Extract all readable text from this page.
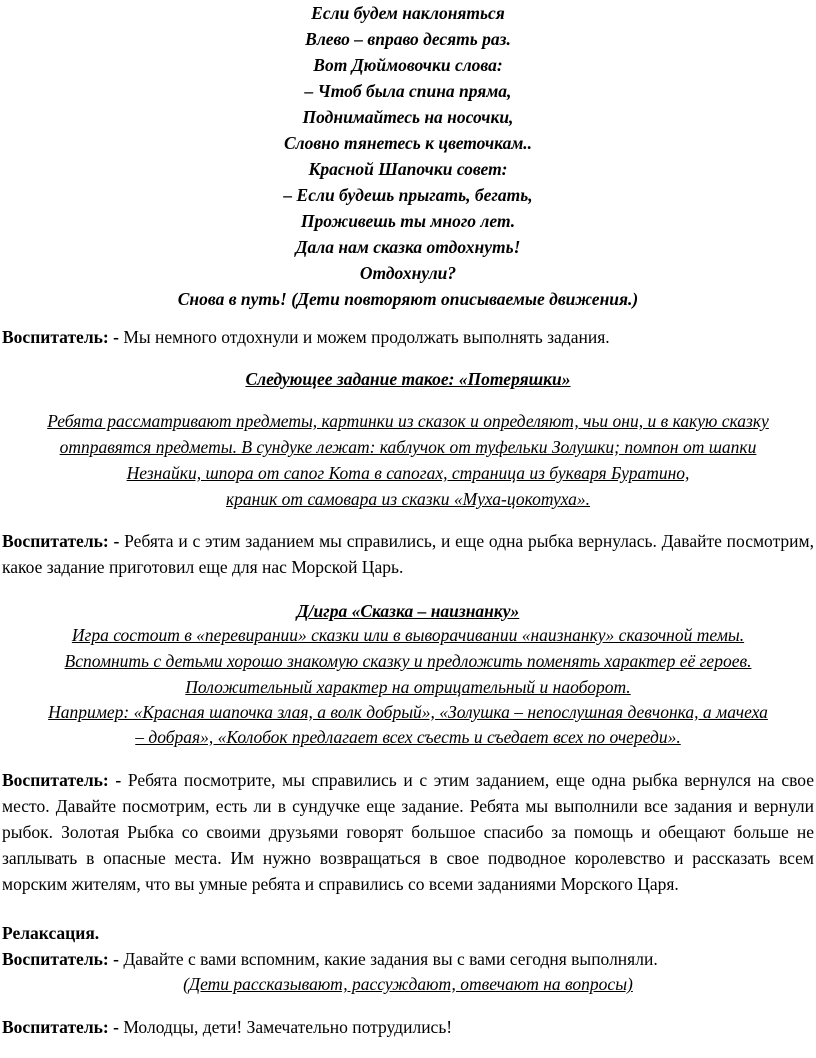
Если будем наклоняться
Влево – вправо десять раз.
Вот Дюймовочки слова:
– Чтоб была спина пряма,
Поднимайтесь на носочки,
Словно тянетесь к цветочкам..
Красной Шапочки совет:
– Если будешь прыгать, бегать,
Проживешь ты много лет.
Дала нам сказка отдохнуть!
Отдохнули?
Снова в путь! (Дети повторяют описываемые движения.)
Воспитатель: - Мы немного отдохнули и можем продолжать выполнять задания.
Следующее задание такое: «Потеряшки»
Ребята рассматривают предметы, картинки из сказок и определяют, чьи они, и в какую сказку
отправятся предметы. В сундуке лежат: каблучок от туфельки Золушки; помпон от шапки
Незнайки, шпора от сапог Кота в сапогах, страница из букваря Буратино,
краник от самовара из сказки «Муха-цокотуха».
Воспитатель: - Ребята и с этим заданием мы справились, и еще одна рыбка вернулась. Давайте посмотрим, какое задание приготовил еще для нас Морской Царь.
Д/игра «Сказка – наизнанку»
Игра состоит в «перевирании» сказки или в выворачивании «наизнанку» сказочной темы.
Вспомнить с детьми хорошо знакомую сказку и предложить поменять характер её героев.
Положительный характер на отрицательный и наоборот.
Например: «Красная шапочка злая, а волк добрый», «Золушка – непослушная девчонка, а мачеха
– добрая», «Колобок предлагает всех съесть и съедает всех по очереди».
Воспитатель: - Ребята посмотрите, мы справились и с этим заданием, еще одна рыбка вернулся на свое место. Давайте посмотрим, есть ли в сундучке еще задание. Ребята мы выполнили все задания и вернули рыбок. Золотая Рыбка со своими друзьями говорят большое спасибо за помощь и обещают больше не заплывать в опасные места. Им нужно возвращаться в свое подводное королевство и рассказать всем морским жителям, что вы умные ребята и справились со всеми заданиями Морского Царя.
Релаксация.
Воспитатель: - Давайте с вами вспомним, какие задания вы с вами сегодня выполняли.
(Дети рассказывают, рассуждают, отвечают на вопросы)
Воспитатель: - Молодцы, дети! Замечательно потрудились!
